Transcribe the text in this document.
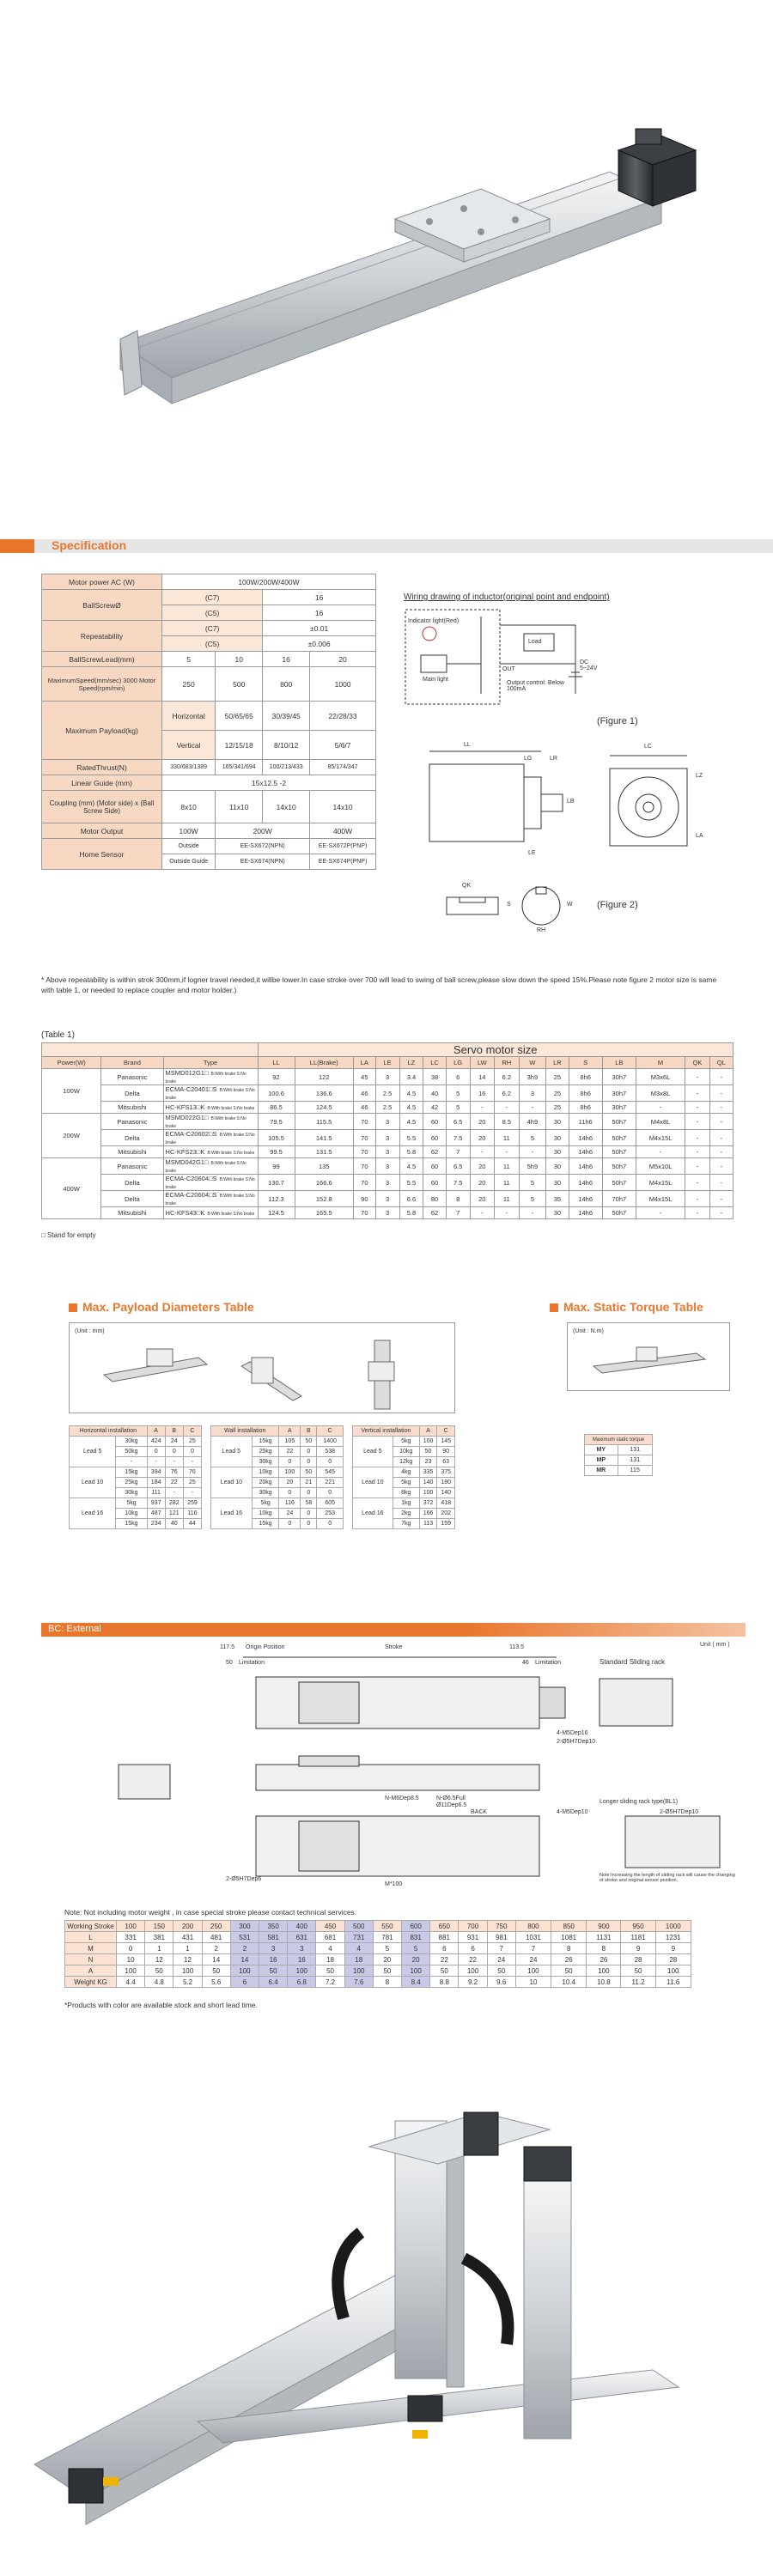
Specification
Motor power AC (W)	100W/200W/400W			
BallScrewØ	(C7)		16	
	(C5)		16	
Repeatability	(C7)		±0.01	
	(C5)		±0.006	
BallScrewLead(mm)	5	10	16	20
MaximumSpeed(mm/sec) 3000 Motor Speed(rpm/min)	250	500	800	1000
Maximum Payload(kg)	Horizontal	50/65/65	30/39/45	22/28/33
	Vertical	12/15/18	8/10/12	5/6/7
RatedThrust(N)	330/683/1389	165/341/694	100/213/433	85/174/347
Linear Guide (mm)	15x12.5 -2			
Coupling (mm) (Motor side) x (Ball Screw Side)	8x10	11x10	14x10	14x10
Motor Output	100W	200W		400W
Home Sensor	Outside	EE-SX672(NPN)		EE-SX672P(PNP)
	Outside Guide	EE-SX674(NPN)		EE-SX674P(PNP)
Wiring drawing of inductor(original point and endpoint)
Indicator light(Red)
Load
Main light
OUT
Output control: Below 100mA
DC 5~24V
(Figure 1)
LL
LG	LR
LC
LB
LE
LZ
LA
QK
S
RH
W	(Figure 2)
* Above repeatability is within strok 300mm,if logner travel needed,it willbe lower.In case stroke over 700 will lead to swing of ball screw,please slow down the speed 15%.Please note figure 2 motor size is same with table 1, or needed to replace coupler and motor holder.)
(Table 1)
			Servo motor size															
Power(W)	Brand	Type	LL	LL(Brake)	LA	LE	LZ	LC	LG	LW	RH	W	LR	S	LB	M	QK	QL
100W	Panasonic	MSMD012G1□ B:With brake S:No brake	92	122	45	3	3.4	38	6	14	6.2	3h9	25	8h6	30h7	M3x6L	-	-
	Delta	ECMA-C20401□S B:With brake S:No brake	100.6	136.6	46	2.5	4.5	40	5	16	6.2	3	25	8h6	30h7	M3x8L	-	-
	Mitsubishi	HC-KFS13□K B:With brake S:No brake	86.5	124.5	46	2.5	4.5	42	5	-	-	-	25	8h6	30h7	-	-	-
200W	Panasonic	MSMD022G1□ B:With brake S:No brake	79.5	115.5	70	3	4.5	60	6.5	20	8.5	4h9	30	11h6	50h7	M4x8L	-	-
	Delta	ECMA-C20602□S B:With brake S:No brake	105.5	141.5	70	3	5.5	60	7.5	20	11	5	30	14h6	50h7	M4x15L	-	-
	Mitsubishi	HC-KFS23□K B:With brake S:No brake	99.5	131.5	70	3	5.8	62	7	-	-	-	30	14h6	50h7	-	-	-
400W	Panasonic	MSMD042G1□ B:With brake S:No brake	99	135	70	3	4.5	60	6.5	20	11	5h9	30	14h6	50h7	M5x10L	-	-
	Delta	ECMA-C20604□S B:With brake S:No brake	130.7	166.6	70	3	5.5	60	7.5	20	11	5	30	14h6	50h7	M4x15L	-	-
	Delta	ECMA-C20604□S B:With brake S:No brake	112.3	152.8	90	3	6.6	80	8	20	11	5	35	14h6	70h7	M4x15L	-	-
	Mitsubishi	HC-KFS43□K B:With brake S:No brake	124.5	165.5	70	3	5.8	62	7	-	-	-	30	14h6	50h7	-	-	-
□ Stand for empty
Max. Payload Diameters Table	Max. Static Torque Table
(Unit : mm)	(Unit : N.m)
Horizontal installation		A	B	C
Lead 5	30kg	424	24	25
	50kg	0	0	0
	-	-	-	-
Lead 10	15kg	394	76	76
	25kg	184	22	25
	30kg	111	-	-
Lead 16	5kg	937	282	259
	10kg	487	121	116
	15kg	234	40	44
Wall installation		A	B	C
Lead 5	15kg	105	50	1400
	25kg	22	0	538
	30kg	0	0	0
Lead 10	10kg	100	50	545
	20kg	20	21	221
	30kg	0	0	0
Lead 16	5kg	116	58	605
	10kg	24	0	253
	15kg	0	0	0
Vertical installation		A	C
Lead 5	5kg	100	145
	10kg	50	90
	12kg	23	63
Lead 10	4kg	335	375
	5kg	140	180
	8kg	100	140
Lead 16	1kg	372	418
	2kg	166	202
	7kg	113	159
Maximum static torque	
MY	131
MP	131
MR	115
BC: External
Unit ( mm )
117.5 Origin Position	Stroke	113.5
50 Limitation	46 Limitation	Standard Sliding rack
4-M5Dep16
2-Ø5H7Dep10
N-M6Dep8.5	N-Ø6.5Full
Ø11Dep6.5
BACK
2-Ø5H7Dep6
M*100
Longer sliding rack type(BL1)
4-M5Dep10	2-Ø5H7Dep10
Note:Increasing the length of sliding rack will cause the changing of stroke and original sensor position.
Note: Not including motor weight , in case special stroke please contact technical services.
Working Stroke	100	150	200	250	300	350	400	450	500	550	600	650	700	750	800	850	900	950	1000
L	331	381	431	481	531	581	631	681	731	781	831	881	931	981	1031	1081	1131	1181	1231
M	0	1	1	2	2	3	3	4	4	5	5	6	6	7	7	8	8	9	9
N	10	12	12	14	14	16	16	18	18	20	20	22	22	24	24	26	26	28	28
A	100	50	100	50	100	50	100	50	100	50	100	50	100	50	100	50	100	50	100
Weight KG	4.4	4.8	5.2	5.6	6	6.4	6.8	7.2	7.6	8	8.4	8.8	9.2	9.6	10	10.4	10.8	11.2	11.6
*Products with color are available stock and short lead time.
